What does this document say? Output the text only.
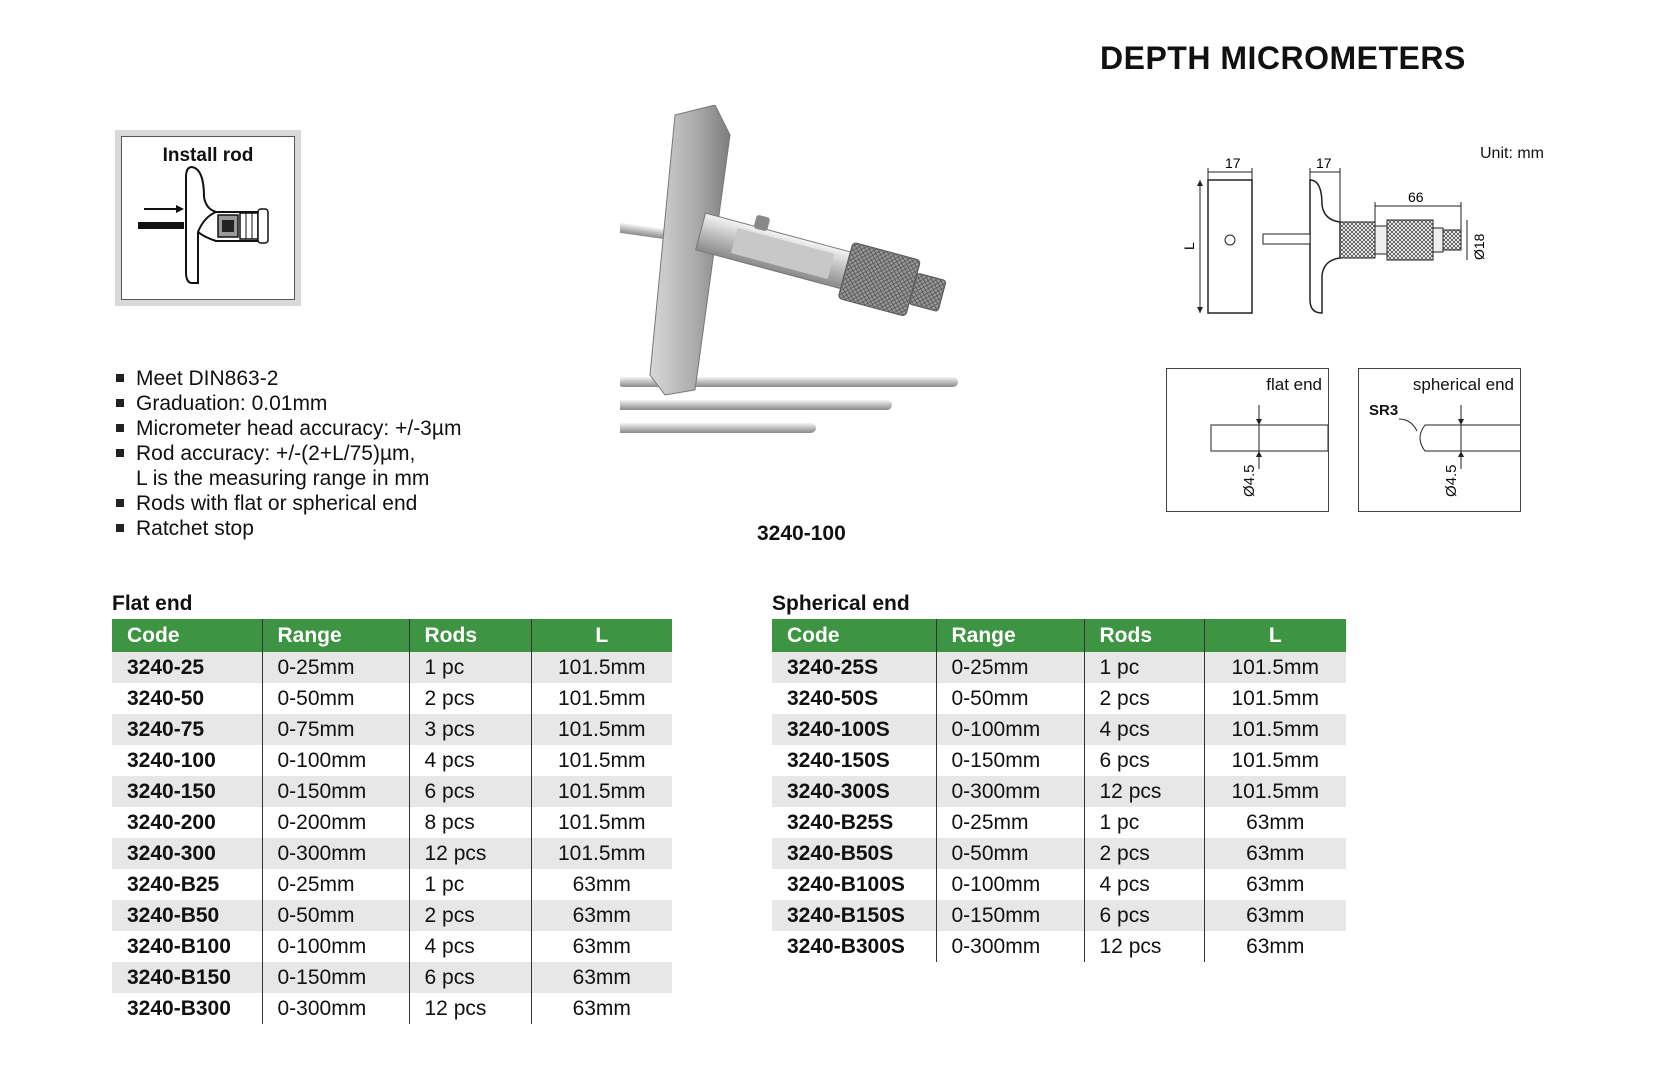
DEPTH MICROMETERS
Install rod
Meet DIN863-2
Graduation: 0.01mm
Micrometer head accuracy: +/-3µm
Rod accuracy: +/-(2+L/75)µm,
L is the measuring range in mm
Rods with flat or spherical end
Ratchet stop	3240-100
Unit: mm
17
L
17
66
Ø18
flat end
Ø4.5
spherical end
SR3
Ø4.5
Flat end
Code	Range	Rods	L
3240-25	0-25mm	1 pc	101.5mm
3240-50	0-50mm	2 pcs	101.5mm
3240-75	0-75mm	3 pcs	101.5mm
3240-100	0-100mm	4 pcs	101.5mm
3240-150	0-150mm	6 pcs	101.5mm
3240-200	0-200mm	8 pcs	101.5mm
3240-300	0-300mm	12 pcs	101.5mm
3240-B25	0-25mm	1 pc	63mm
3240-B50	0-50mm	2 pcs	63mm
3240-B100	0-100mm	4 pcs	63mm
3240-B150	0-150mm	6 pcs	63mm
3240-B300	0-300mm	12 pcs	63mm
Spherical end
Code	Range	Rods	L
3240-25S	0-25mm	1 pc	101.5mm
3240-50S	0-50mm	2 pcs	101.5mm
3240-100S	0-100mm	4 pcs	101.5mm
3240-150S	0-150mm	6 pcs	101.5mm
3240-300S	0-300mm	12 pcs	101.5mm
3240-B25S	0-25mm	1 pc	63mm
3240-B50S	0-50mm	2 pcs	63mm
3240-B100S	0-100mm	4 pcs	63mm
3240-B150S	0-150mm	6 pcs	63mm
3240-B300S	0-300mm	12 pcs	63mm
